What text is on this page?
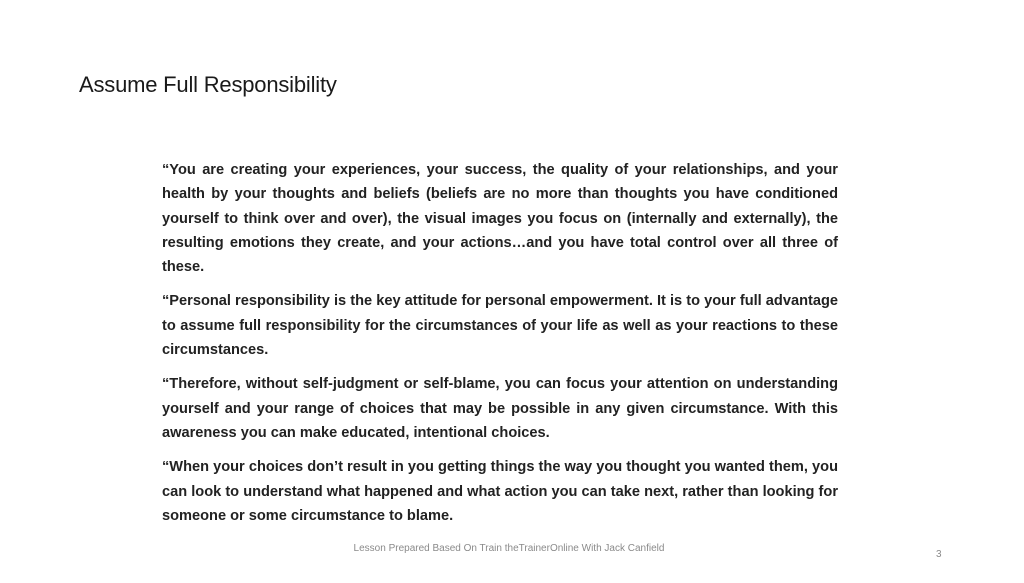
Assume Full Responsibility

“You are creating your experiences, your success, the quality of your relationships, and your health by your thoughts and beliefs (beliefs are no more than thoughts you have conditioned yourself to think over and over), the visual images you focus on (internally and externally), the resulting emotions they create, and your actions…and you have total control over all three of these.

“Personal responsibility is the key attitude for personal empowerment. It is to your full advantage to assume full responsibility for the circumstances of your life as well as your reactions to these circumstances.

“Therefore, without self-judgment or self-blame, you can focus your attention on understanding yourself and your range of choices that may be possible in any given circumstance. With this awareness you can make educated, intentional choices.

“When your choices don’t result in you getting things the way you thought you wanted them, you can look to understand what happened and what action you can take next, rather than looking for someone or some circumstance to blame.

Lesson Prepared Based On Train theTrainerOnline With Jack Canfield
3
